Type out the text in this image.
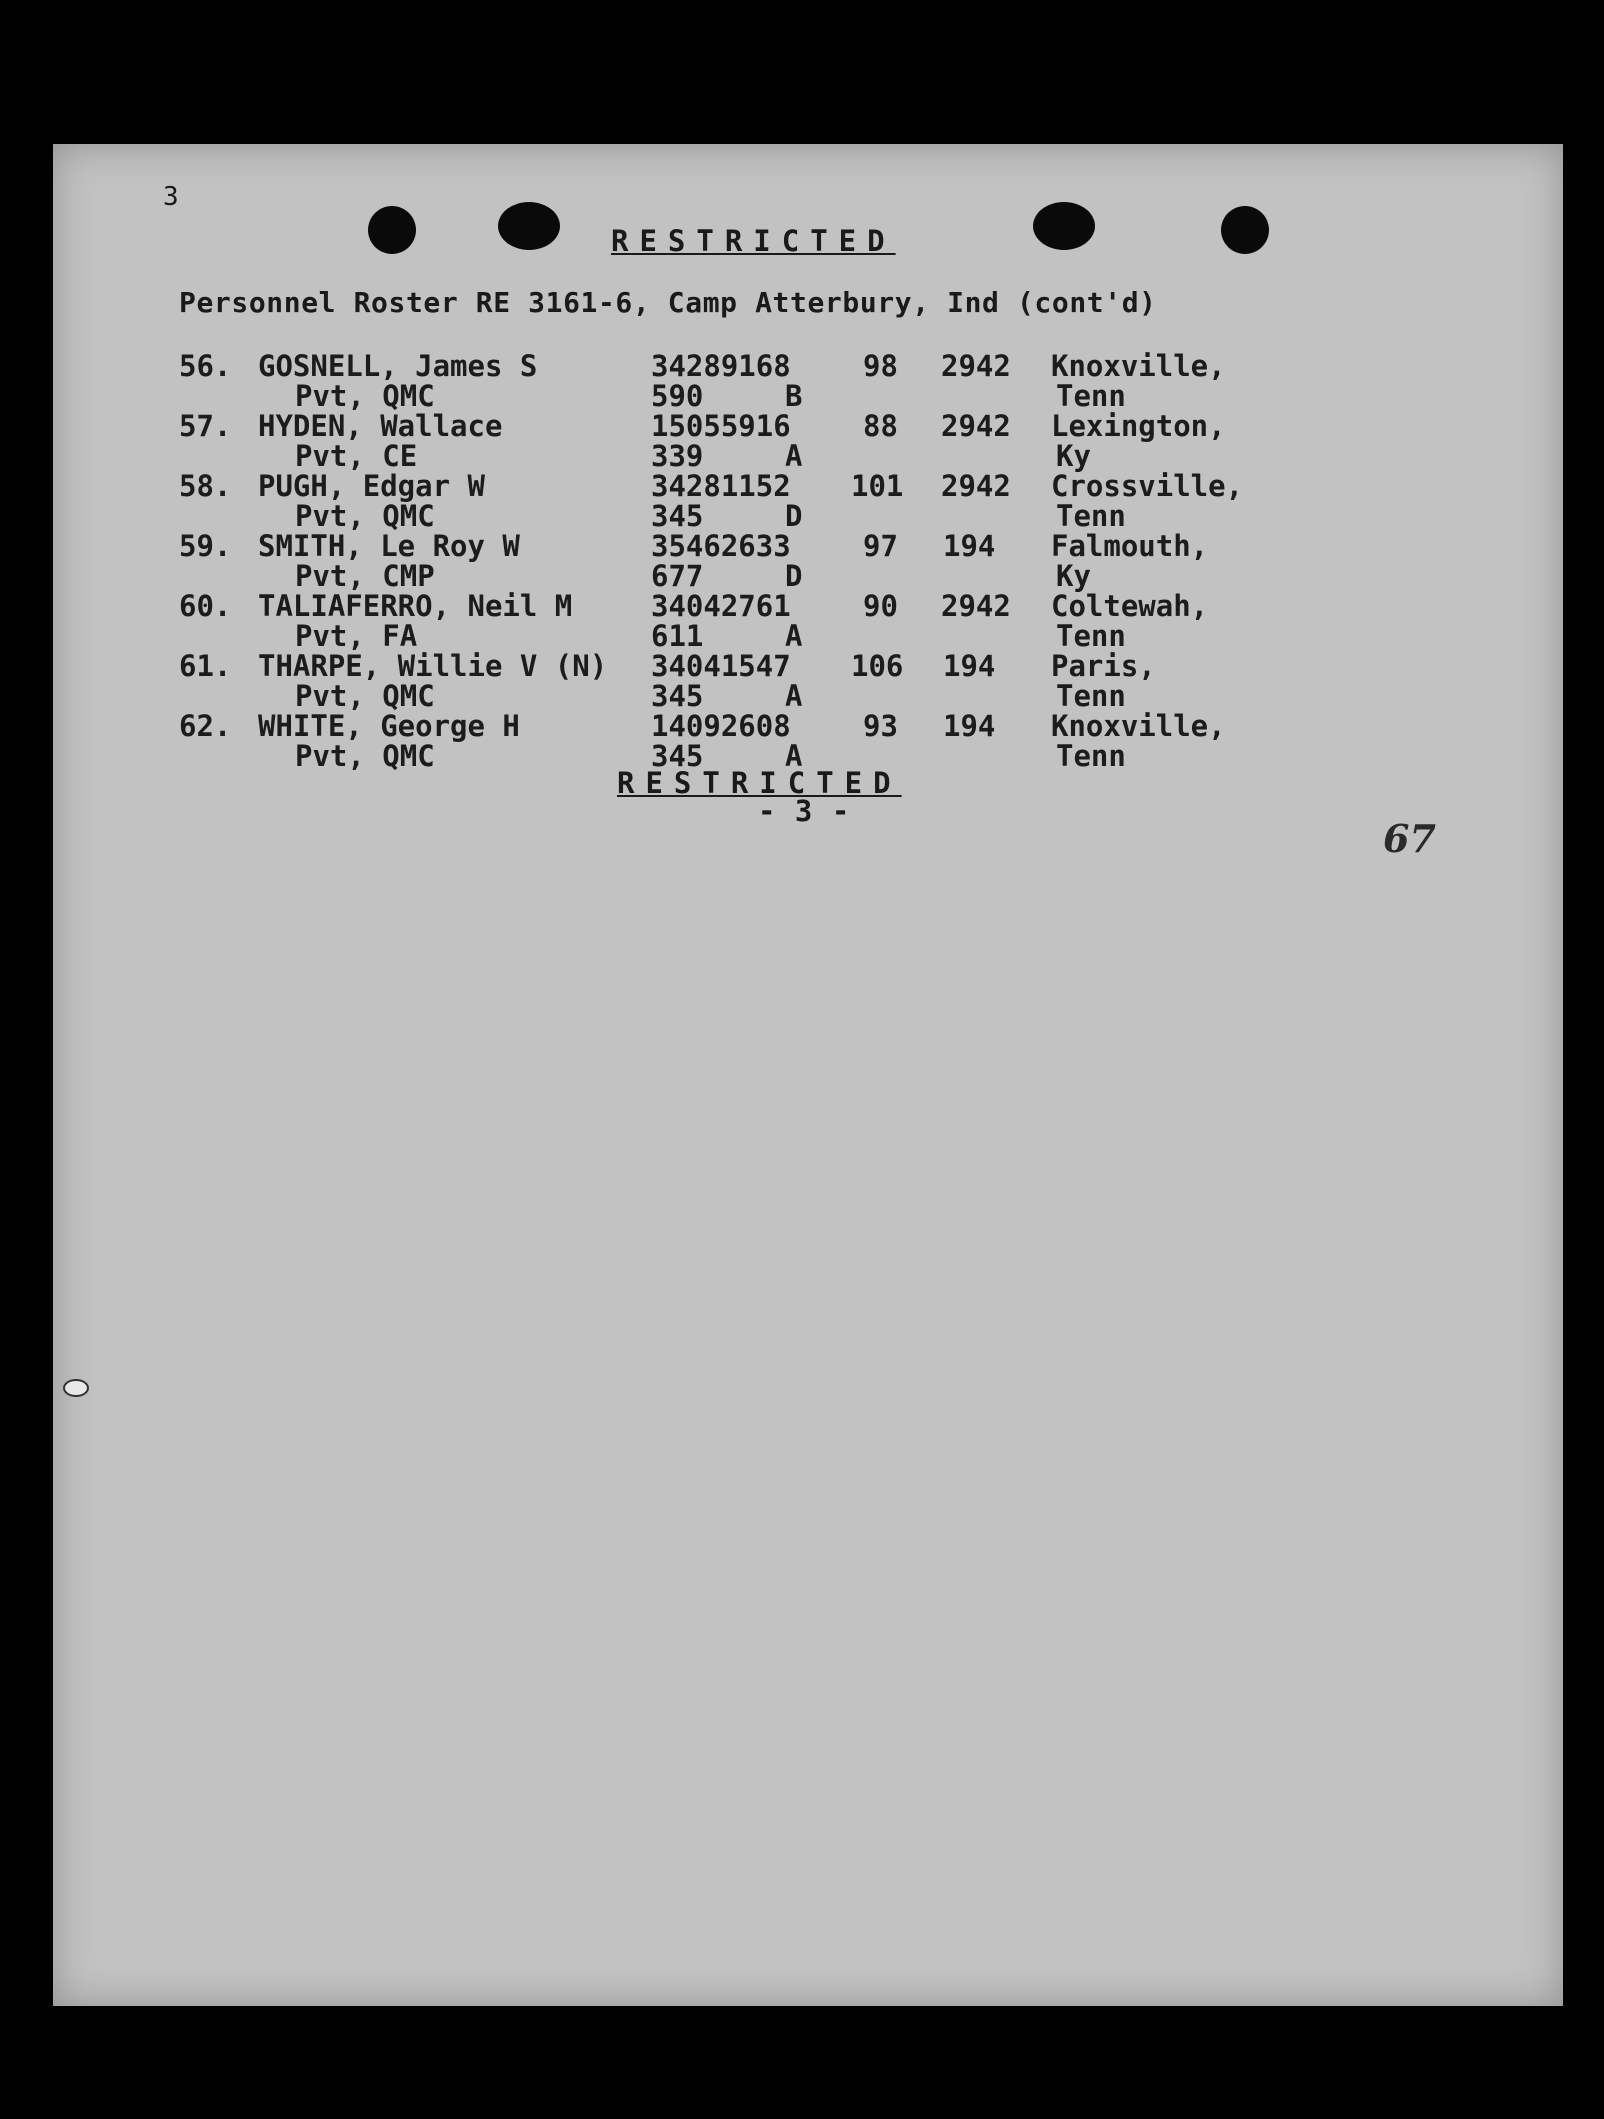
3
RESTRICTED
Personnel Roster RE 3161-6, Camp Atterbury, Ind (cont'd)
56. GOSNELL, James S	34289168 98 2942 Knoxville,
Pvt, QMC	590	B	Tenn
57. HYDEN, Wallace	15055916 88 2942 Lexington,
Pvt, CE	339	A	Ky
58. PUGH, Edgar W	34281152 101 2942 Crossville,
Pvt, QMC	345	D	Tenn
59. SMITH, Le Roy W	35462633 97 194 Falmouth,
Pvt, CMP	677	D	Ky
60. TALIAFERRO, Neil M	34042761 90 2942 Coltewah,
Pvt, FA	611	A	Tenn
61. THARPE, Willie V (N) 34041547 106 194 Paris,
Pvt, QMC	345	A	Tenn
62. WHITE, George H	14092608 93 194 Knoxville,
Pvt, QMC	345	A	Tenn
RESTRICTED
- 3 -
67
